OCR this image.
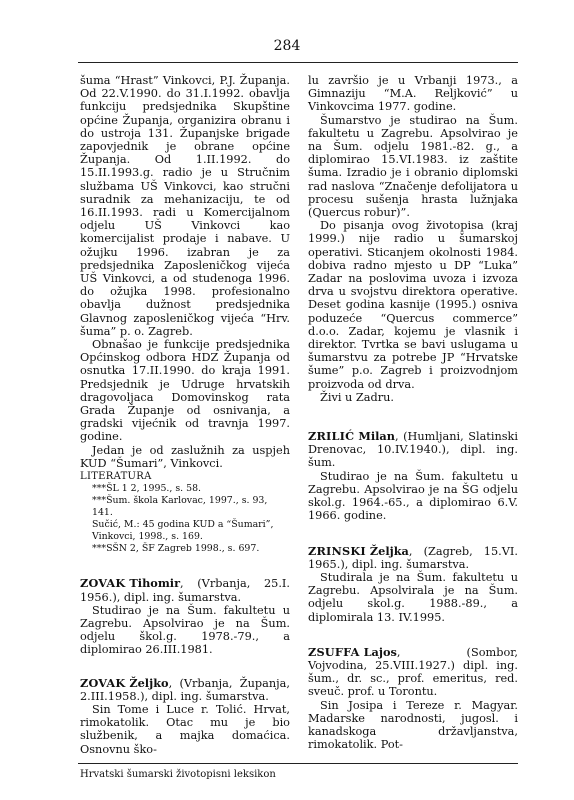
284

šuma “Hrast” Vinkovci, P.J. Županja. Od 22.V.1990. do 31.I.1992. obavlja funkciju predsjednika Skupštine općine Županja, organizira obranu i do ustroja 131. Županjske brigade zapovjednik je obrane općine Županja. Od 1.II.1992. do 15.II.1993.g. radio je u Stručnim službama UŠ Vinkovci, kao stručni suradnik za mehanizaciju, te od 16.II.1993. radi u Komercijalnom odjelu UŠ Vinkovci kao komercijalist prodaje i nabave. U ožujku 1996. izabran je za predsjednika Zaposleničkog vijeća UŠ Vinkovci, a od studenoga 1996. do ožujka 1998. profesionalno obavlja dužnost predsjednika Glavnog zaposleničkog vijeća “Hrv. šuma” p. o. Zagreb.

Obnašao je funkcije predsjednika Općinskog odbora HDZ Županja od osnutka 17.II.1990. do kraja 1991. Predsjednik je Udruge hrvatskih dragovoljaca Domovinskog rata Grada Županje od osnivanja, a gradski vijećnik od travnja 1997. godine.

Jedan je od zaslužnih za uspjeh KUD “Šumari”, Vinkovci.

LITERATURA

***ŠL 1 2, 1995., s. 58.

***Šum. škola Karlovac, 1997., s. 93, 141.

Sučić, M.: 45 godina KUD a “Šumari”, Vinkovci, 1998., s. 169.

***SŠN 2, ŠF Zagreb 1998., s. 697.

ZOVAK Tihomir, (Vrbanja, 25.I. 1956.), dipl. ing. šumarstva.

Studirao je na Šum. fakultetu u Zagrebu. Apsolvirao je na Šum. odjelu škol.g. 1978.-79., a diplomirao 26.III.1981.

ZOVAK Željko, (Vrbanja, Županja, 2.III.1958.), dipl. ing. šumarstva.

Sin Tome i Luce r. Tolić. Hrvat, rimokatolik. Otac mu je bio službenik, a majka domaćica. Osnovnu ško-

lu završio je u Vrbanji 1973., a Gimnaziju “M.A. Reljković” u Vinkovcima 1977. godine.

Šumarstvo je studirao na Šum. fakultetu u Zagrebu. Apsolvirao je na Šum. odjelu 1981.-82. g., a diplomirao 15.VI.1983. iz zaštite šuma. Izradio je i obranio diplomski rad naslova “Značenje defolijatora u procesu sušenja hrasta lužnjaka (Quercus robur)”.

Do pisanja ovog životopisa (kraj 1999.) nije radio u šumarskoj operativi. Sticanjem okolnosti 1984. dobiva radno mjesto u DP “Luka” Zadar na poslovima uvoza i izvoza drva u svojstvu direktora operative. Deset godina kasnije (1995.) osniva poduzeće “Quercus commerce” d.o.o. Zadar, kojemu je vlasnik i direktor. Tvrtka se bavi uslugama u šumarstvu za potrebe JP “Hrvatske šume” p.o. Zagreb i proizvodnjom proizvoda od drva.

Živi u Zadru.

ZRILIĆ Milan, (Humljani, Slatinski Drenovac, 10.IV.1940.), dipl. ing. šum.

Studirao je na Šum. fakultetu u Zagrebu. Apsolvirao je na ŠG odjelu skol.g. 1964.-65., a diplomirao 6.V. 1966. godine.

ZRINSKI Željka, (Zagreb, 15.VI. 1965.), dipl. ing. šumarstva.

Studirala je na Šum. fakultetu u Zagrebu. Apsolvirala je na Šum. odjelu skol.g. 1988.-89., a diplomirala 13. IV.1995.

ZSUFFA Lajos, (Sombor, Vojvodina, 25.VIII.1927.) dipl. ing. šum., dr. sc., prof. emeritus, red. sveuč. prof. u Torontu.

Sin Josipa i Tereze r. Magyar. Madarske narodnosti, jugosl. i kanadskoga državljanstva, rimokatolik. Pot-

Hrvatski šumarski životopisni leksikon
